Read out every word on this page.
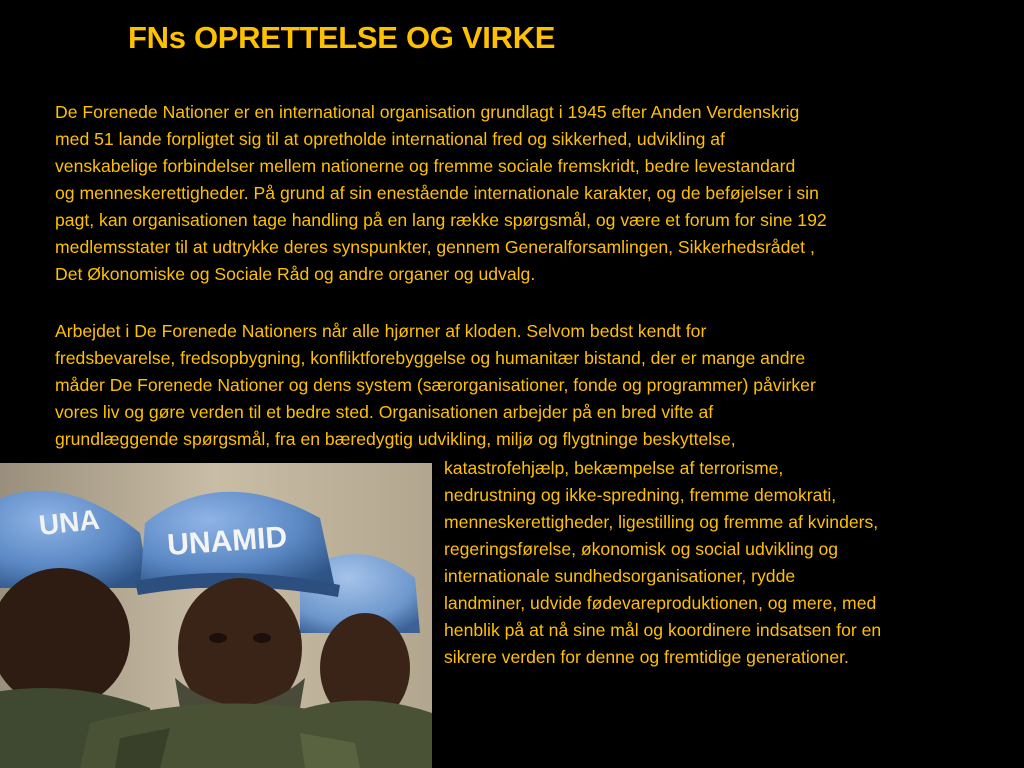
FNs OPRETTELSE OG VIRKE
De Forenede Nationer er en international organisation grundlagt i 1945 efter Anden Verdenskrig
med 51 lande forpligtet sig til at opretholde international fred og sikkerhed, udvikling af
venskabelige forbindelser mellem nationerne og fremme sociale fremskridt, bedre levestandard
og menneskerettigheder. På grund af sin enestående internationale karakter, og de beføjelser i sin
pagt, kan organisationen tage handling på en lang række spørgsmål, og være et forum for sine 192
medlemsstater til at udtrykke deres synspunkter, gennem Generalforsamlingen, Sikkerhedsrådet ,
Det Økonomiske og Sociale Råd og andre organer og udvalg.
Arbejdet i De Forenede Nationers når alle hjørner af kloden. Selvom bedst kendt for
fredsbevarelse, fredsopbygning, konfliktforebyggelse og humanitær bistand, der er mange andre
måder De Forenede Nationer og dens system (særorganisationer, fonde og programmer) påvirker
vores liv og gøre verden til et bedre sted. Organisationen arbejder på en bred vifte af
grundlæggende spørgsmål, fra en bæredygtig udvikling, miljø og flygtninge beskyttelse,
katastrofehjælp, bekæmpelse af terrorisme,
nedrustning og ikke-spredning, fremme demokrati,
menneskerettigheder, ligestilling og fremme af kvinders,
regeringsførelse, økonomisk og social udvikling og
internationale sundhedsorganisationer, rydde
landminer, udvide fødevareproduktionen, og mere, med
henblik på at nå sine mål og koordinere indsatsen for en
sikrere verden for denne og fremtidige generationer.
UNA UNAMID
